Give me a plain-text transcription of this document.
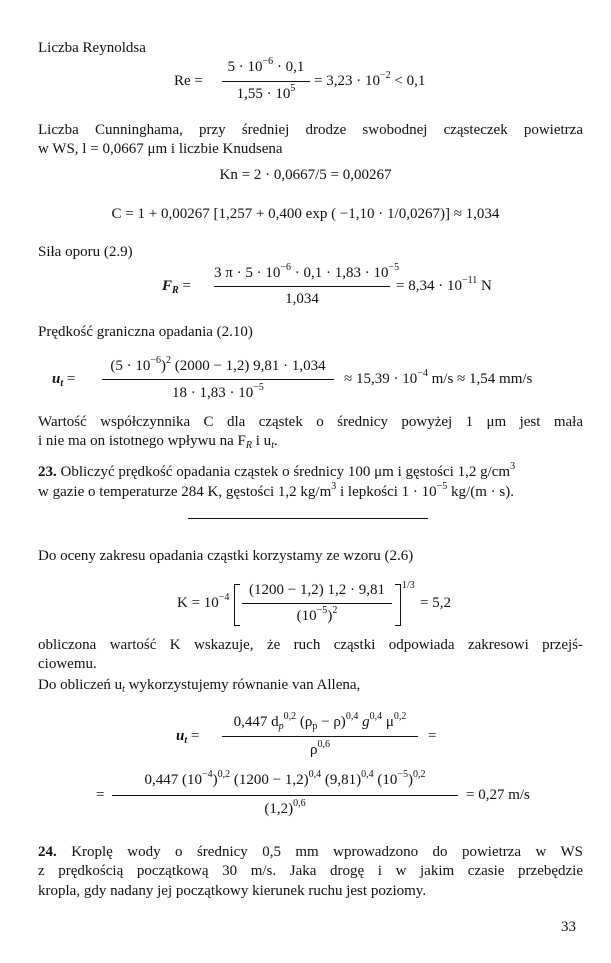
Liczba Reynoldsa
Re =
$5 \cdot 10^{-6} \cdot 0,1$
$1,55 \cdot 10^5$	= $3,23 \cdot 10^{-2} < 0,1$
Liczba Cunninghama, przy średniej drodze swobodnej cząsteczek powietrza
w WS, l = 0,0667 μm i liczbie Knudsena
Kn = 2 · 0,0667/5 = 0,00267
C = 1 + 0,00267 [1,257 + 0,400 exp ( −1,10 · 1/0,0267)] ≈ 1,034
Siła oporu (2.9)
$F_R$ =
3 $\pi \cdot 5 \cdot 10^{-6} \cdot 0,1 \cdot 1,83 \cdot 10^{-5}$
1,034
= $8,34 \cdot 10^{-11}$ N
Prędkość graniczna opadania (2.10)
$u_t$ =
$(5 \cdot 10^{-6})^2$ (2000 − 1,2) 9,81 · 1,034
$18 \cdot 1,83 \cdot 10^{-5}$
≈ $15,39 \cdot 10^{-4}$ m/s ≈ 1,54 mm/s
Wartość współczynnika C dla cząstek o średnicy powyżej 1 μm jest mała
i nie ma on istotnego wpływu na $F_R$ i $u_t$.
23. Obliczyć prędkość opadania cząstek o średnicy 100 μm i gęstości 1,2 $g/cm^3$
w gazie o temperaturze 284 K, gęstości 1,2 $kg/m^3$ i lepkości $1 \cdot 10^{-5}$ kg/(m · s).
Do oceny zakresu opadania cząstki korzystamy ze wzoru (2.6)
$K = 10^{-4}$	(1200 − 1,2) 1,2 · 9,81
$(10^{-5})^2$
1/3
= 5,2
obliczona wartość K wskazuje, że ruch cząstki odpowiada zakresowi przejś-
ciowemu.
Do obliczeń $u_t$ wykorzystujemy równanie van Allena,
$u_t$ =
0,447 $d_p^{0,2}$ $(\rho_p - \rho)^{0,4}$ $g^{0,4}$ $\mu^{0,2}$
$\rho^{0,6}$
=
=
0,447 $(10^{-4})^{0,2}$ $(1200 - 1,2)^{0,4}$ $(9,81)^{0,4}$ $(10^{-5})^{0,2}$
$(1,2)^{0,6}$
= 0,27 m/s
24. Kroplę wody o średnicy 0,5 mm wprowadzono do powietrza w WS
z prędkością początkową 30 m/s. Jaka drogę i w jakim czasie przebędzie
kropla, gdy nadany jej początkowy kierunek ruchu jest poziomy.
33
